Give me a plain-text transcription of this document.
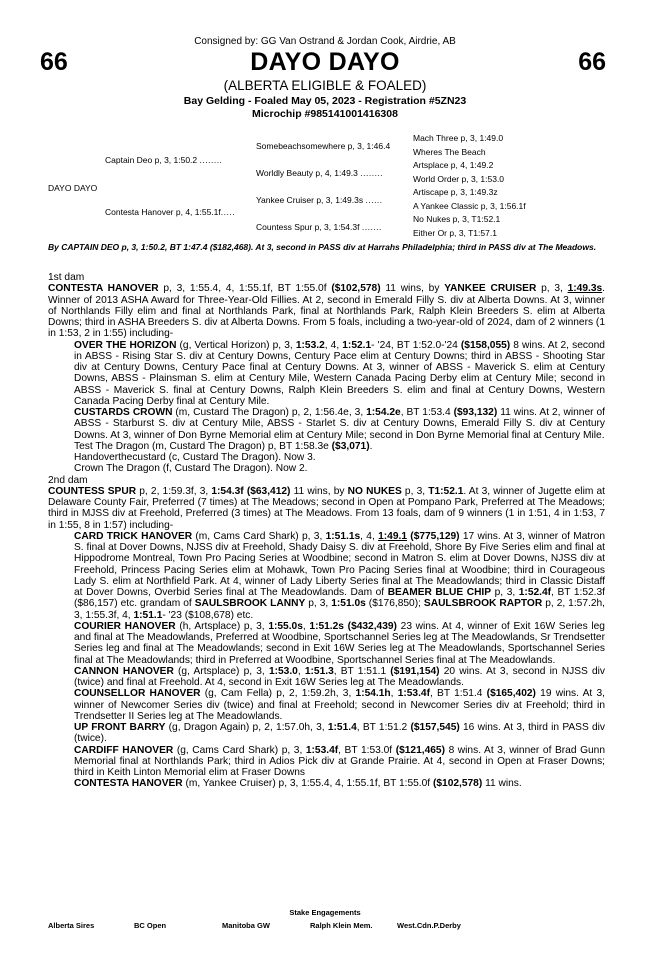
Consigned by: GG Van Ostrand & Jordan Cook, Airdrie, AB
66	66
DAYO DAYO
(ALBERTA ELIGIBLE & FOALED)
Bay Gelding - Foaled May 05, 2023 - Registration #5ZN23
Microchip #985141001416308
DAYO DAYO
Captain Deo p, 3, 1:50.2 ........
Contesta Hanover p, 4, 1:55.1f.....
Somebeachsomewhere p, 3, 1:46.4
Worldly Beauty p, 4, 1:49.3 ........
Yankee Cruiser p, 3, 1:49.3s ......
Countess Spur p, 3, 1:54.3f .......
Mach Three p, 3, 1:49.0
Wheres The Beach
Artsplace p, 4, 1:49.2
World Order p, 3, 1:53.0
Artiscape p, 3, 1:49.3z
A Yankee Classic p, 3, 1:56.1f
No Nukes p, 3, T1:52.1
Either Or p, 3, T1:57.1
By CAPTAIN DEO p, 3, 1:50.2, BT 1:47.4 ($182,468). At 3, second in PASS div at Harrahs Philadelphia; third in PASS div at The Meadows.

1st dam

CONTESTA HANOVER p, 3, 1:55.4, 4, 1:55.1f, BT 1:55.0f ($102,578) 11 wins, by YANKEE CRUISER p, 3, 1:49.3s. Winner of 2013 ASHA Award for Three-Year-Old Fillies. At 2, second in Emerald Filly S. div at Alberta Downs. At 3, winner of Northlands Filly elim and final at Northlands Park, final at Northlands Park, Ralph Klein Breeders S. elim at Alberta Downs; third in ASHA Breeders S. div at Alberta Downs. From 5 foals, including a two-year-old of 2024, dam of 2 winners (1 in 1:53, 2 in 1:55) including-

OVER THE HORIZON (g, Vertical Horizon) p, 3, 1:53.2, 4, 1:52.1- '24, BT 1:52.0-'24 ($158,055) 8 wins. At 2, second in ABSS - Rising Star S. div at Century Downs, Century Pace elim at Century Downs; third in ABSS - Shooting Star div at Century Downs, Century Pace final at Century Downs. At 3, winner of ABSS - Maverick S. elim at Century Downs, ABSS - Plainsman S. elim at Century Mile, Western Canada Pacing Derby elim at Century Mile; second in ABSS - Maverick S. final at Century Downs, Ralph Klein Breeders S. elim and final at Century Downs, Western Canada Pacing Derby final at Century Mile.

CUSTARDS CROWN (m, Custard The Dragon) p, 2, 1:56.4e, 3, 1:54.2e, BT 1:53.4 ($93,132) 11 wins. At 2, winner of ABSS - Starburst S. div at Century Mile, ABSS - Starlet S. div at Century Downs, Emerald Filly S. div at Century Downs. At 3, winner of Don Byrne Memorial elim at Century Mile; second in Don Byrne Memorial final at Century Mile.

Test The Dragon (m, Custard The Dragon) p, BT 1:58.3e ($3,071).

Handoverthecustard (c, Custard The Dragon). Now 3.

Crown The Dragon (f, Custard The Dragon). Now 2.

2nd dam

COUNTESS SPUR p, 2, 1:59.3f, 3, 1:54.3f ($63,412) 11 wins, by NO NUKES p, 3, T1:52.1. At 3, winner of Jugette elim at Delaware County Fair, Preferred (7 times) at The Meadows; second in Open at Pompano Park, Preferred at The Meadows; third in MJSS div at Freehold, Preferred (3 times) at The Meadows. From 13 foals, dam of 9 winners (1 in 1:51, 4 in 1:53, 7 in 1:55, 8 in 1:57) including-

CARD TRICK HANOVER (m, Cams Card Shark) p, 3, 1:51.1s, 4, 1:49.1 ($775,129) 17 wins. At 3, winner of Matron S. final at Dover Downs, NJSS div at Freehold, Shady Daisy S. div at Freehold, Shore By Five Series elim and final at Hippodrome Montreal, Town Pro Pacing Series at Woodbine; second in Matron S. elim at Dover Downs, NJSS div at Freehold, Princess Pacing Series elim at Mohawk, Town Pro Pacing Series final at Woodbine; third in Courageous Lady S. elim at Northfield Park. At 4, winner of Lady Liberty Series final at The Meadowlands; third in Classic Distaff at Dover Downs, Overbid Series final at The Meadowlands. Dam of BEAMER BLUE CHIP p, 3, 1:52.4f, BT 1:52.3f ($86,157) etc. grandam of SAULSBROOK LANNY p, 3, 1:51.0s ($176,850); SAULSBROOK RAPTOR p, 2, 1:57.2h, 3, 1:55.3f, 4, 1:51.1- '23 ($108,678) etc.

COURIER HANOVER (h, Artsplace) p, 3, 1:55.0s, 1:51.2s ($432,439) 23 wins. At 4, winner of Exit 16W Series leg and final at The Meadowlands, Preferred at Woodbine, Sportschannel Series leg at The Meadowlands, Sr Trendsetter Series leg and final at The Meadowlands; second in Exit 16W Series leg at The Meadowlands, Sportschannel Series final at The Meadowlands; third in Preferred at Woodbine, Sportschannel Series final at The Meadowlands.

CANNON HANOVER (g, Artsplace) p, 3, 1:53.0, 1:51.3, BT 1:51.1 ($191,154) 20 wins. At 3, second in NJSS div (twice) and final at Freehold. At 4, second in Exit 16W Series leg at The Meadowlands.

COUNSELLOR HANOVER (g, Cam Fella) p, 2, 1:59.2h, 3, 1:54.1h, 1:53.4f, BT 1:51.4 ($165,402) 19 wins. At 3, winner of Newcomer Series div (twice) and final at Freehold; second in Newcomer Series div at Freehold; third in Trendsetter II Series leg at The Meadowlands.

UP FRONT BARRY (g, Dragon Again) p, 2, 1:57.0h, 3, 1:51.4, BT 1:51.2 ($157,545) 16 wins. At 3, third in PASS div (twice).

CARDIFF HANOVER (g, Cams Card Shark) p, 3, 1:53.4f, BT 1:53.0f ($121,465) 8 wins. At 3, winner of Brad Gunn Memorial final at Northlands Park; third in Adios Pick div at Grande Prairie. At 4, second in Open at Fraser Downs; third in Keith Linton Memorial elim at Fraser Downs

CONTESTA HANOVER (m, Yankee Cruiser) p, 3, 1:55.4, 4, 1:55.1f, BT 1:55.0f ($102,578) 11 wins.

Stake Engagements
Alberta Sires	BC Open	Manitoba GW	Ralph Klein Mem.	West.Cdn.P.Derby
